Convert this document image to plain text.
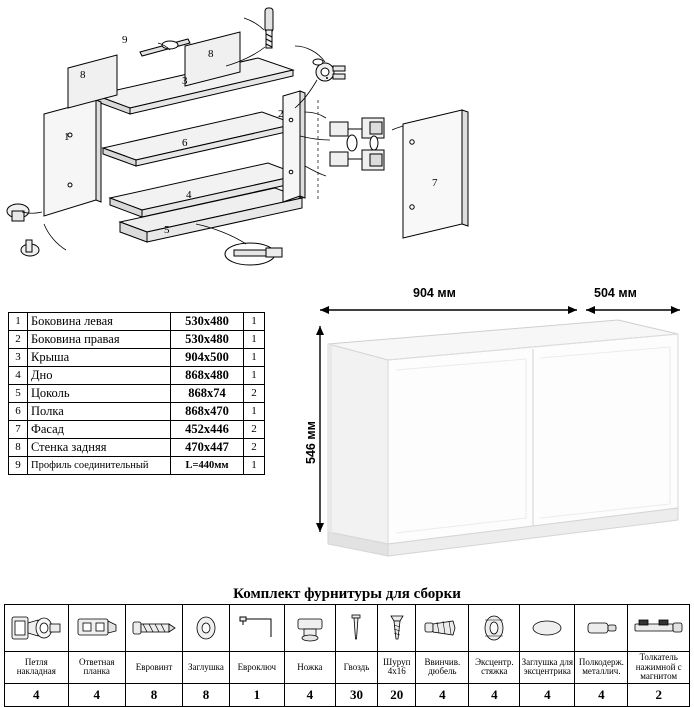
1
2
3
4
5
6
7
8
8
9
1	Боковина левая	530х480	1
2	Боковина правая	530х480	1
3	Крыша	904х500	1
4	Дно	868х480	1
5	Цоколь	868х74	2
6	Полка	868х470	1
7	Фасад	452х446	2
8	Стенка задняя	470х447	2
9	Профиль соединительный	L=440мм	1
904 мм	504 мм
546 мм
Комплект фурнитуры для сборки

Петля накладная	Ответная планка	Евровинт	Заглушка	Евроключ	Ножка	Гвоздь	Шуруп 4х16	Ввинчив. дюбель	Эксцентр. стяжка	Заглушка для эксцентрика	Полкодерж. металлич.	Толкатель нажимной с магнитом
4	4	8	8	1	4	30	20	4	4	4	4	2
